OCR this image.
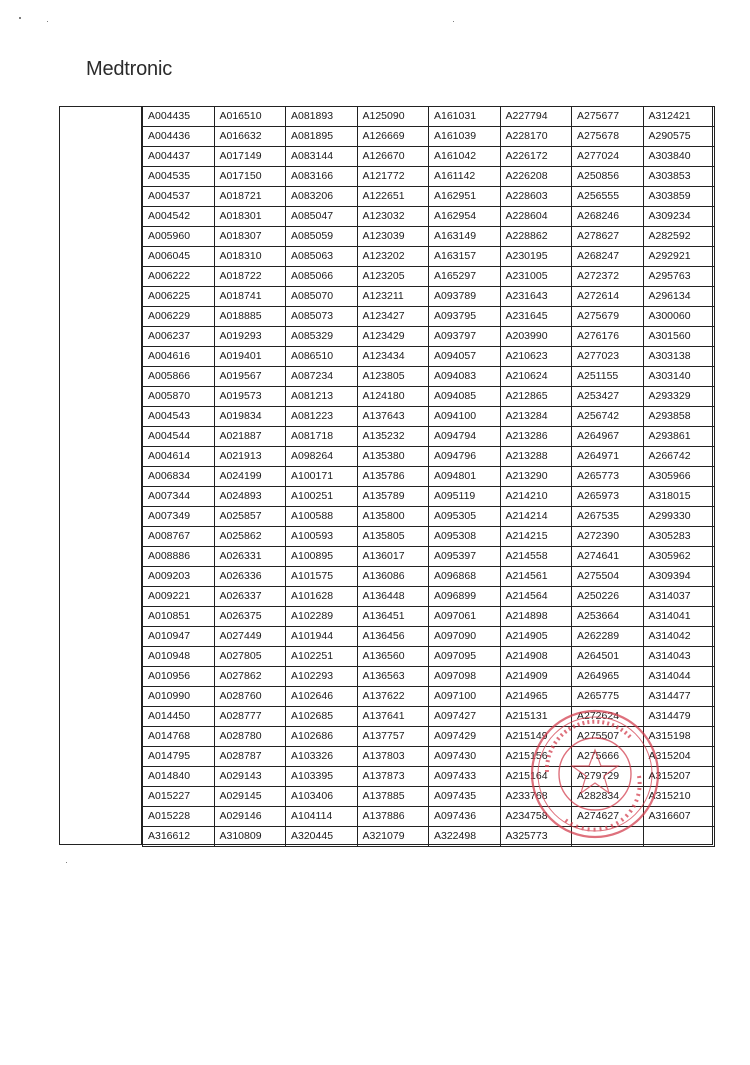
Medtronic
A004435	A016510	A081893	A125090	A161031	A227794	A275677	A312421
A004436	A016632	A081895	A126669	A161039	A228170	A275678	A290575
A004437	A017149	A083144	A126670	A161042	A226172	A277024	A303840
A004535	A017150	A083166	A121772	A161142	A226208	A250856	A303853
A004537	A018721	A083206	A122651	A162951	A228603	A256555	A303859
A004542	A018301	A085047	A123032	A162954	A228604	A268246	A309234
A005960	A018307	A085059	A123039	A163149	A228862	A278627	A282592
A006045	A018310	A085063	A123202	A163157	A230195	A268247	A292921
A006222	A018722	A085066	A123205	A165297	A231005	A272372	A295763
A006225	A018741	A085070	A123211	A093789	A231643	A272614	A296134
A006229	A018885	A085073	A123427	A093795	A231645	A275679	A300060
A006237	A019293	A085329	A123429	A093797	A203990	A276176	A301560
A004616	A019401	A086510	A123434	A094057	A210623	A277023	A303138
A005866	A019567	A087234	A123805	A094083	A210624	A251155	A303140
A005870	A019573	A081213	A124180	A094085	A212865	A253427	A293329
A004543	A019834	A081223	A137643	A094100	A213284	A256742	A293858
A004544	A021887	A081718	A135232	A094794	A213286	A264967	A293861
A004614	A021913	A098264	A135380	A094796	A213288	A264971	A266742
A006834	A024199	A100171	A135786	A094801	A213290	A265773	A305966
A007344	A024893	A100251	A135789	A095119	A214210	A265973	A318015
A007349	A025857	A100588	A135800	A095305	A214214	A267535	A299330
A008767	A025862	A100593	A135805	A095308	A214215	A272390	A305283
A008886	A026331	A100895	A136017	A095397	A214558	A274641	A305962
A009203	A026336	A101575	A136086	A096868	A214561	A275504	A309394
A009221	A026337	A101628	A136448	A096899	A214564	A250226	A314037
A010851	A026375	A102289	A136451	A097061	A214898	A253664	A314041
A010947	A027449	A101944	A136456	A097090	A214905	A262289	A314042
A010948	A027805	A102251	A136560	A097095	A214908	A264501	A314043
A010956	A027862	A102293	A136563	A097098	A214909	A264965	A314044
A010990	A028760	A102646	A137622	A097100	A214965	A265775	A314477
A014450	A028777	A102685	A137641	A097427	A215131	A272624	A314479
A014768	A028780	A102686	A137757	A097429	A215149	A275507	A315198
A014795	A028787	A103326	A137803	A097430	A215156	A275666	A315204
A014840	A029143	A103395	A137873	A097433	A215164	A279729	A315207
A015227	A029145	A103406	A137885	A097435	A233768	A282834	A315210
A015228	A029146	A104114	A137886	A097436	A234758	A274627	A316607
A316612	A310809	A320445	A321079	A322498	A325773		
